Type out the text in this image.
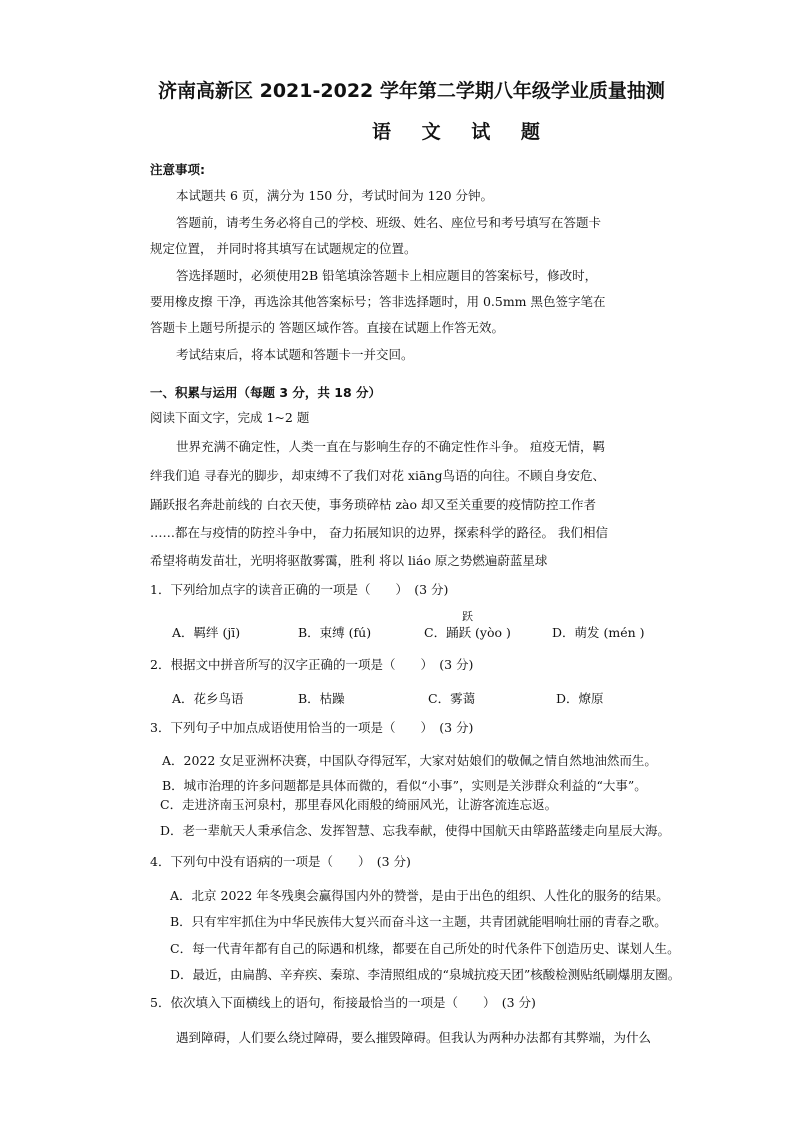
济南高新区 2021-2022 学年第二学期八年级学业质量抽测
语 文 试 题
注意事项:
本试题共 6 页，满分为 150 分，考试时间为 120 分钟。
答题前，请考生务必将自己的学校、班级、姓名、座位号和考号填写在答题卡
规定位置， 并同时将其填写在试题规定的位置。
答选择题时，必须使用2B 铅笔填涂答题卡上相应题目的答案标号，修改时，
要用橡皮擦 干净，再选涂其他答案标号；答非选择题时，用 0.5mm 黑色签字笔在
答题卡上题号所提示的 答题区域作答。直接在试题上作答无效。
考试结束后，将本试题和答题卡一并交回。
一、积累与运用（每题 3 分，共 18 分）
阅读下面文字，完成 1~2 题
世界充满不确定性，人类一直在与影响生存的不确定性作斗争。 疽疫无情，羁
绊我们追 寻春光的脚步，却束缚不了我们对花 xiāng鸟语的向往。不顾自身安危、
踊跃报名奔赴前线的 白衣天使，事务琐碎枯 zào 却又至关重要的疫情防控工作者
……都在与疫情的防控斗争中， 奋力拓展知识的边界，探索科学的路径。 我们相信
希望将萌发苗壮，光明将驱散雾霭，胜利 将以 liáo 原之势燃遍蔚蓝星球
1．下列给加点字的读音正确的一项是（　　）　(3 分)
跃
A．羁绊 (jī)	B．束缚 (fú)	C．踊跃 (yòo )	D．萌发 (mén )
2．根据文中拼音所写的汉字正确的一项是（　　）　(3 分)
A．花乡鸟语	B．枯躁	C．雾蔼	D．燎原
3．下列句子中加点成语使用恰当的一项是（　　）　(3 分)
A．2022 女足亚洲杯决赛，中国队夺得冠军，大家对姑娘们的敬佩之情自然地油然而生。
B．城市治理的许多问题都是具体而微的，看似“小事”，实则是关涉群众利益的“大事”。
C．走进济南玉河泉村，那里春风化雨般的绮丽风光，让游客流连忘返。
D．老一辈航天人秉承信念、发挥智慧、忘我奉献，使得中国航天由筚路蓝缕走向星辰大海。
4．下列句中没有语病的一项是（　　）　(3 分)
A．北京 2022 年冬残奥会赢得国内外的赞誉，是由于出色的组织、人性化的服务的结果。
B．只有牢牢抓住为中华民族伟大复兴而奋斗这一主题，共青团就能唱响壮丽的青春之歌。
C．每一代青年都有自己的际遇和机缘，都要在自己所处的时代条件下创造历史、谋划人生。
D．最近，由扁鹊、辛弃疾、秦琼、李清照组成的“泉城抗疫天团”核酸检测贴纸刷爆朋友圈。
5．依次填入下面横线上的语句，衔接最恰当的一项是（　　）　(3 分)
遇到障碍，人们要么绕过障碍，要么摧毁障碍。但我认为两种办法都有其弊端，为什么
